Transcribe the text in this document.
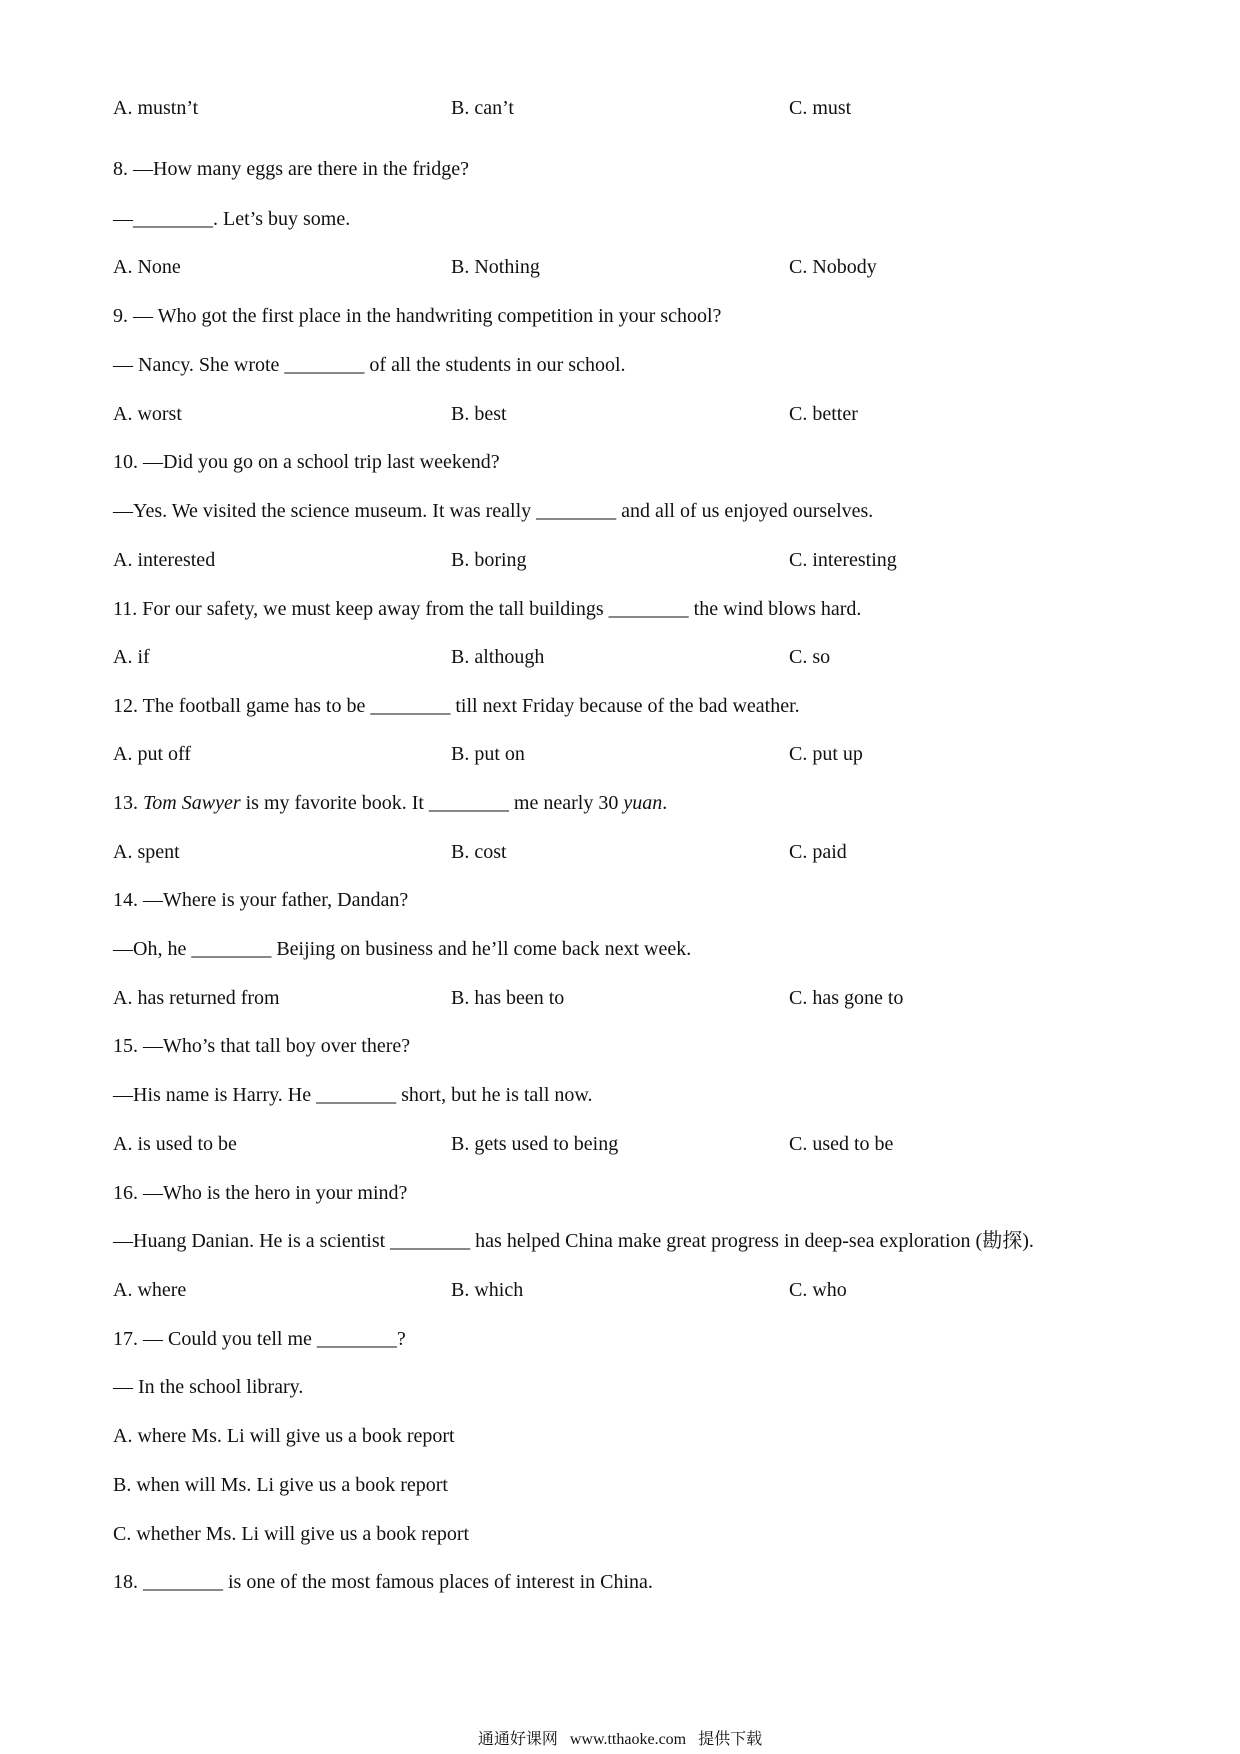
A. mustn’t	B. can’t	C. must
8. —How many eggs are there in the fridge?
—________. Let’s buy some.
A. None	B. Nothing	C. Nobody
9. — Who got the first place in the handwriting competition in your school?
— Nancy. She wrote ________ of all the students in our school.
A. worst	B. best	C. better
10. —Did you go on a school trip last weekend?
—Yes. We visited the science museum. It was really ________ and all of us enjoyed ourselves.
A. interested	B. boring	C. interesting
11. For our safety, we must keep away from the tall buildings ________ the wind blows hard.
A. if	B. although	C. so
12. The football game has to be ________ till next Friday because of the bad weather.
A. put off	B. put on	C. put up
13. Tom Sawyer is my favorite book. It ________ me nearly 30 yuan.
A. spent	B. cost	C. paid
14. —Where is your father, Dandan?
—Oh, he ________ Beijing on business and he’ll come back next week.
A. has returned from	B. has been to	C. has gone to
15. —Who’s that tall boy over there?
—His name is Harry. He ________ short, but he is tall now.
A. is used to be	B. gets used to being	C. used to be
16. —Who is the hero in your mind?
—Huang Danian. He is a scientist ________ has helped China make great progress in deep-sea exploration (勘探).
A. where	B. which	C. who
17. — Could you tell me ________?
— In the school library.
A. where Ms. Li will give us a book report
B. when will Ms. Li give us a book report
C. whether Ms. Li will give us a book report
18. ________ is one of the most famous places of interest in China.
通通好课网 www.tthaoke.com 提供下载
